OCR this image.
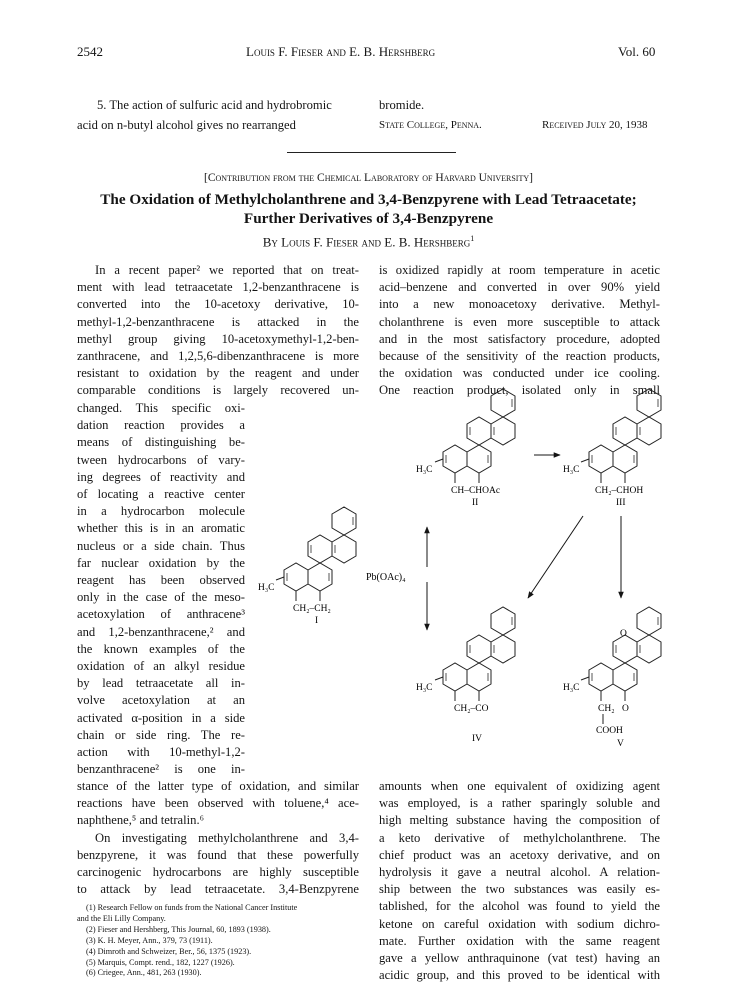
2542	Louis F. Fieser and E. B. Hershberg	Vol. 60
5. The action of sulfuric acid and hydrobromic
acid on n-butyl alcohol gives no rearranged
bromide.
State College, Penna.	Received July 20, 1938
[Contribution from the Chemical Laboratory of Harvard University]
The Oxidation of Methylcholanthrene and 3,4-Benzpyrene with Lead Tetraacetate;
Further Derivatives of 3,4-Benzpyrene
By Louis F. Fieser and E. B. Hershberg$^1$
In a recent paper² we reported that on treat-
ment with lead tetraacetate 1,2-benzanthracene is
converted into the 10-acetoxy derivative, 10-
methyl-1,2-benzanthracene is attacked in the
methyl group giving 10-acetoxymethyl-1,2-ben-
zanthracene, and 1,2,5,6-dibenzanthracene is more
resistant to oxidation by the reagent and under
comparable conditions is largely recovered un-
is oxidized rapidly at room temperature in acetic
acid–benzene and converted in over 90% yield
into a new monoacetoxy derivative. Methyl-
cholanthrene is even more susceptible to attack
and in the most satisfactory procedure, adopted
because of the sensitivity of the reaction products,
the oxidation was conducted under ice cooling.
One reaction product, isolated only in small
changed. This specific oxi-
dation reaction provides a
means of distinguishing be-
tween hydrocarbons of vary-
ing degrees of reactivity and
of locating a reactive center
in a hydrocarbon molecule
whether this is in an aromatic
nucleus or a side chain. Thus
far nuclear oxidation by the
reagent has been observed
only in the case of the meso-
acetoxylation of anthracene³
and 1,2-benzanthracene,² and
the known examples of the
oxidation of an alkyl residue
by lead tetraacetate all in-
volve acetoxylation at an
activated α-position in a side
chain or side ring. The re-
action with 10-methyl-1,2-
benzanthracene² is one in-
stance of the latter type of oxidation, and similar
reactions have been observed with toluene,⁴ ace-
naphthene,⁵ and tetralin.⁶
On investigating methylcholanthrene and 3,4-
benzpyrene, it was found that these powerfully
carcinogenic hydrocarbons are highly susceptible
to attack by lead tetraacetate. 3,4-Benzpyrene
(1) Research Fellow on funds from the National Cancer Institute
and the Eli Lilly Company.
(2) Fieser and Hershberg, This Journal, 60, 1893 (1938).
(3) K. H. Meyer, Ann., 379, 73 (1911).
(4) Dimroth and Schweizer, Ber., 56, 1375 (1923).
(5) Marquis, Compt. rend., 182, 1227 (1926).
(6) Criegee, Ann., 481, 263 (1930).
amounts when one equivalent of oxidizing agent
was employed, is a rather sparingly soluble and
high melting substance having the composition of
a keto derivative of methylcholanthrene. The
chief product was an acetoxy derivative, and on
hydrolysis it gave a neutral alcohol. A relation-
ship between the two substances was easily es-
tablished, for the alcohol was found to yield the
ketone on careful oxidation with sodium dichro-
mate. Further oxidation with the same reagent
gave a yellow anthraquinone (vat test) having an
acidic group, and this proved to be identical with
H₃C
CH₂–CH₂
I
H₃C
CH–CHOAc
II
H₃C
CH₂–CHOH
III
H₃C
CH₂–CO
IV
H₃C
O
CH₂ O
COOH
V
Pb(OAc)₄
